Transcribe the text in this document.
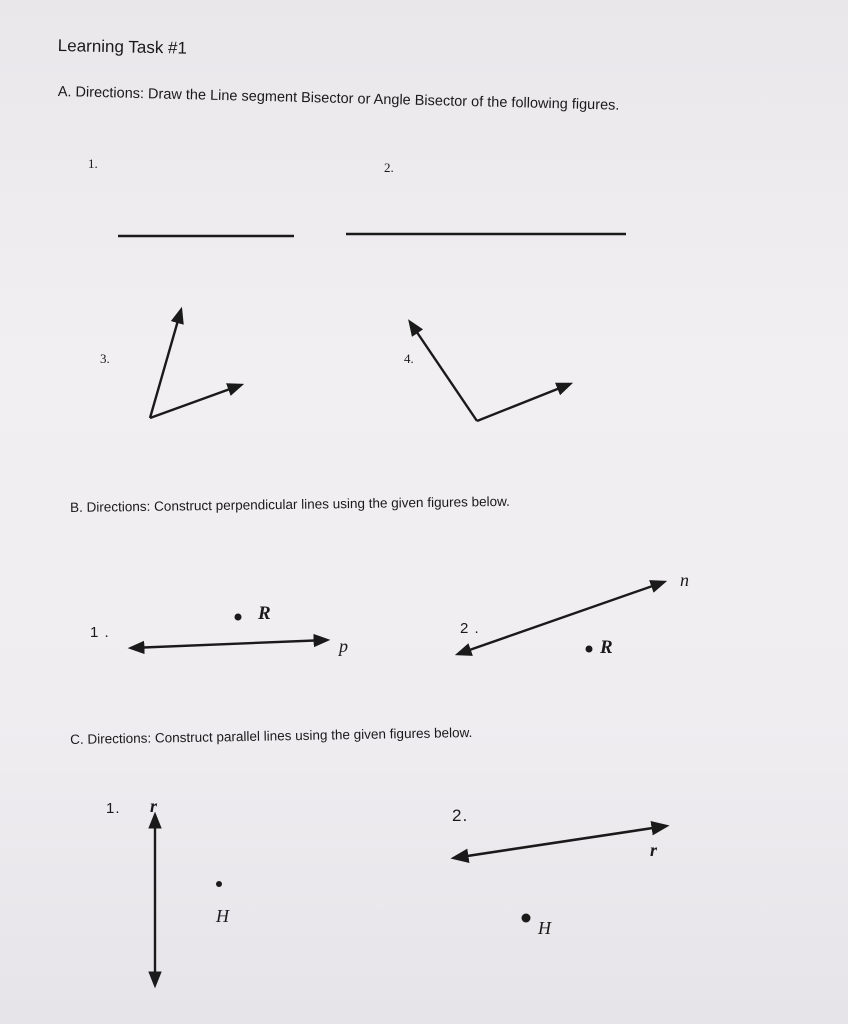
Learning Task #1
A. Directions: Draw the Line segment Bisector or Angle Bisector of the following figures.
1.	2.
3.	4.
B. Directions: Construct perpendicular lines using the given figures below.
1 .
R
p
2 .
R
n
C. Directions: Construct parallel lines using the given figures below.
1. r
H
2.
r
H
